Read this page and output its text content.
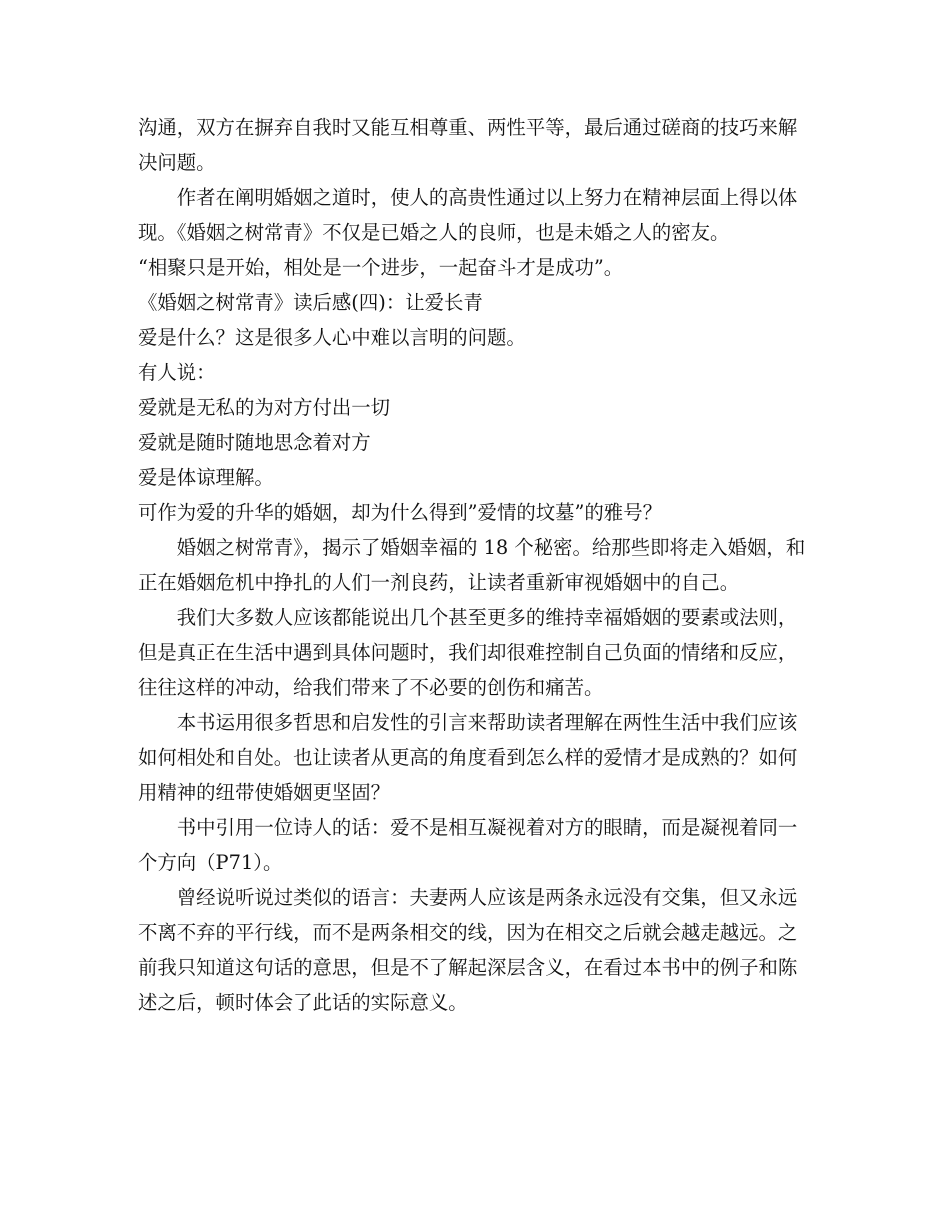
沟通，双方在摒弃自我时又能互相尊重、两性平等，最后通过磋商的技巧来解决问题。

作者在阐明婚姻之道时，使人的高贵性通过以上努力在精神层面上得以体现。《婚姻之树常青》不仅是已婚之人的良师，也是未婚之人的密友。

“相聚只是开始，相处是一个进步，一起奋斗才是成功”。

《婚姻之树常青》读后感(四)：让爱长青

爱是什么？这是很多人心中难以言明的问题。

有人说：

爱就是无私的为对方付出一切

爱就是随时随地思念着对方

爱是体谅理解。

可作为爱的升华的婚姻，却为什么得到”爱情的坟墓”的雅号？

婚姻之树常青》，揭示了婚姻幸福的 18 个秘密。给那些即将走入婚姻，和正在婚姻危机中挣扎的人们一剂良药，让读者重新审视婚姻中的自己。

我们大多数人应该都能说出几个甚至更多的维持幸福婚姻的要素或法则，但是真正在生活中遇到具体问题时，我们却很难控制自己负面的情绪和反应，往往这样的冲动，给我们带来了不必要的创伤和痛苦。

本书运用很多哲思和启发性的引言来帮助读者理解在两性生活中我们应该如何相处和自处。也让读者从更高的角度看到怎么样的爱情才是成熟的？如何用精神的纽带使婚姻更坚固？

书中引用一位诗人的话：爱不是相互凝视着对方的眼睛，而是凝视着同一个方向（P71）。

曾经说听说过类似的语言：夫妻两人应该是两条永远没有交集，但又永远不离不弃的平行线，而不是两条相交的线，因为在相交之后就会越走越远。之前我只知道这句话的意思，但是不了解起深层含义，在看过本书中的例子和陈述之后，顿时体会了此话的实际意义。
